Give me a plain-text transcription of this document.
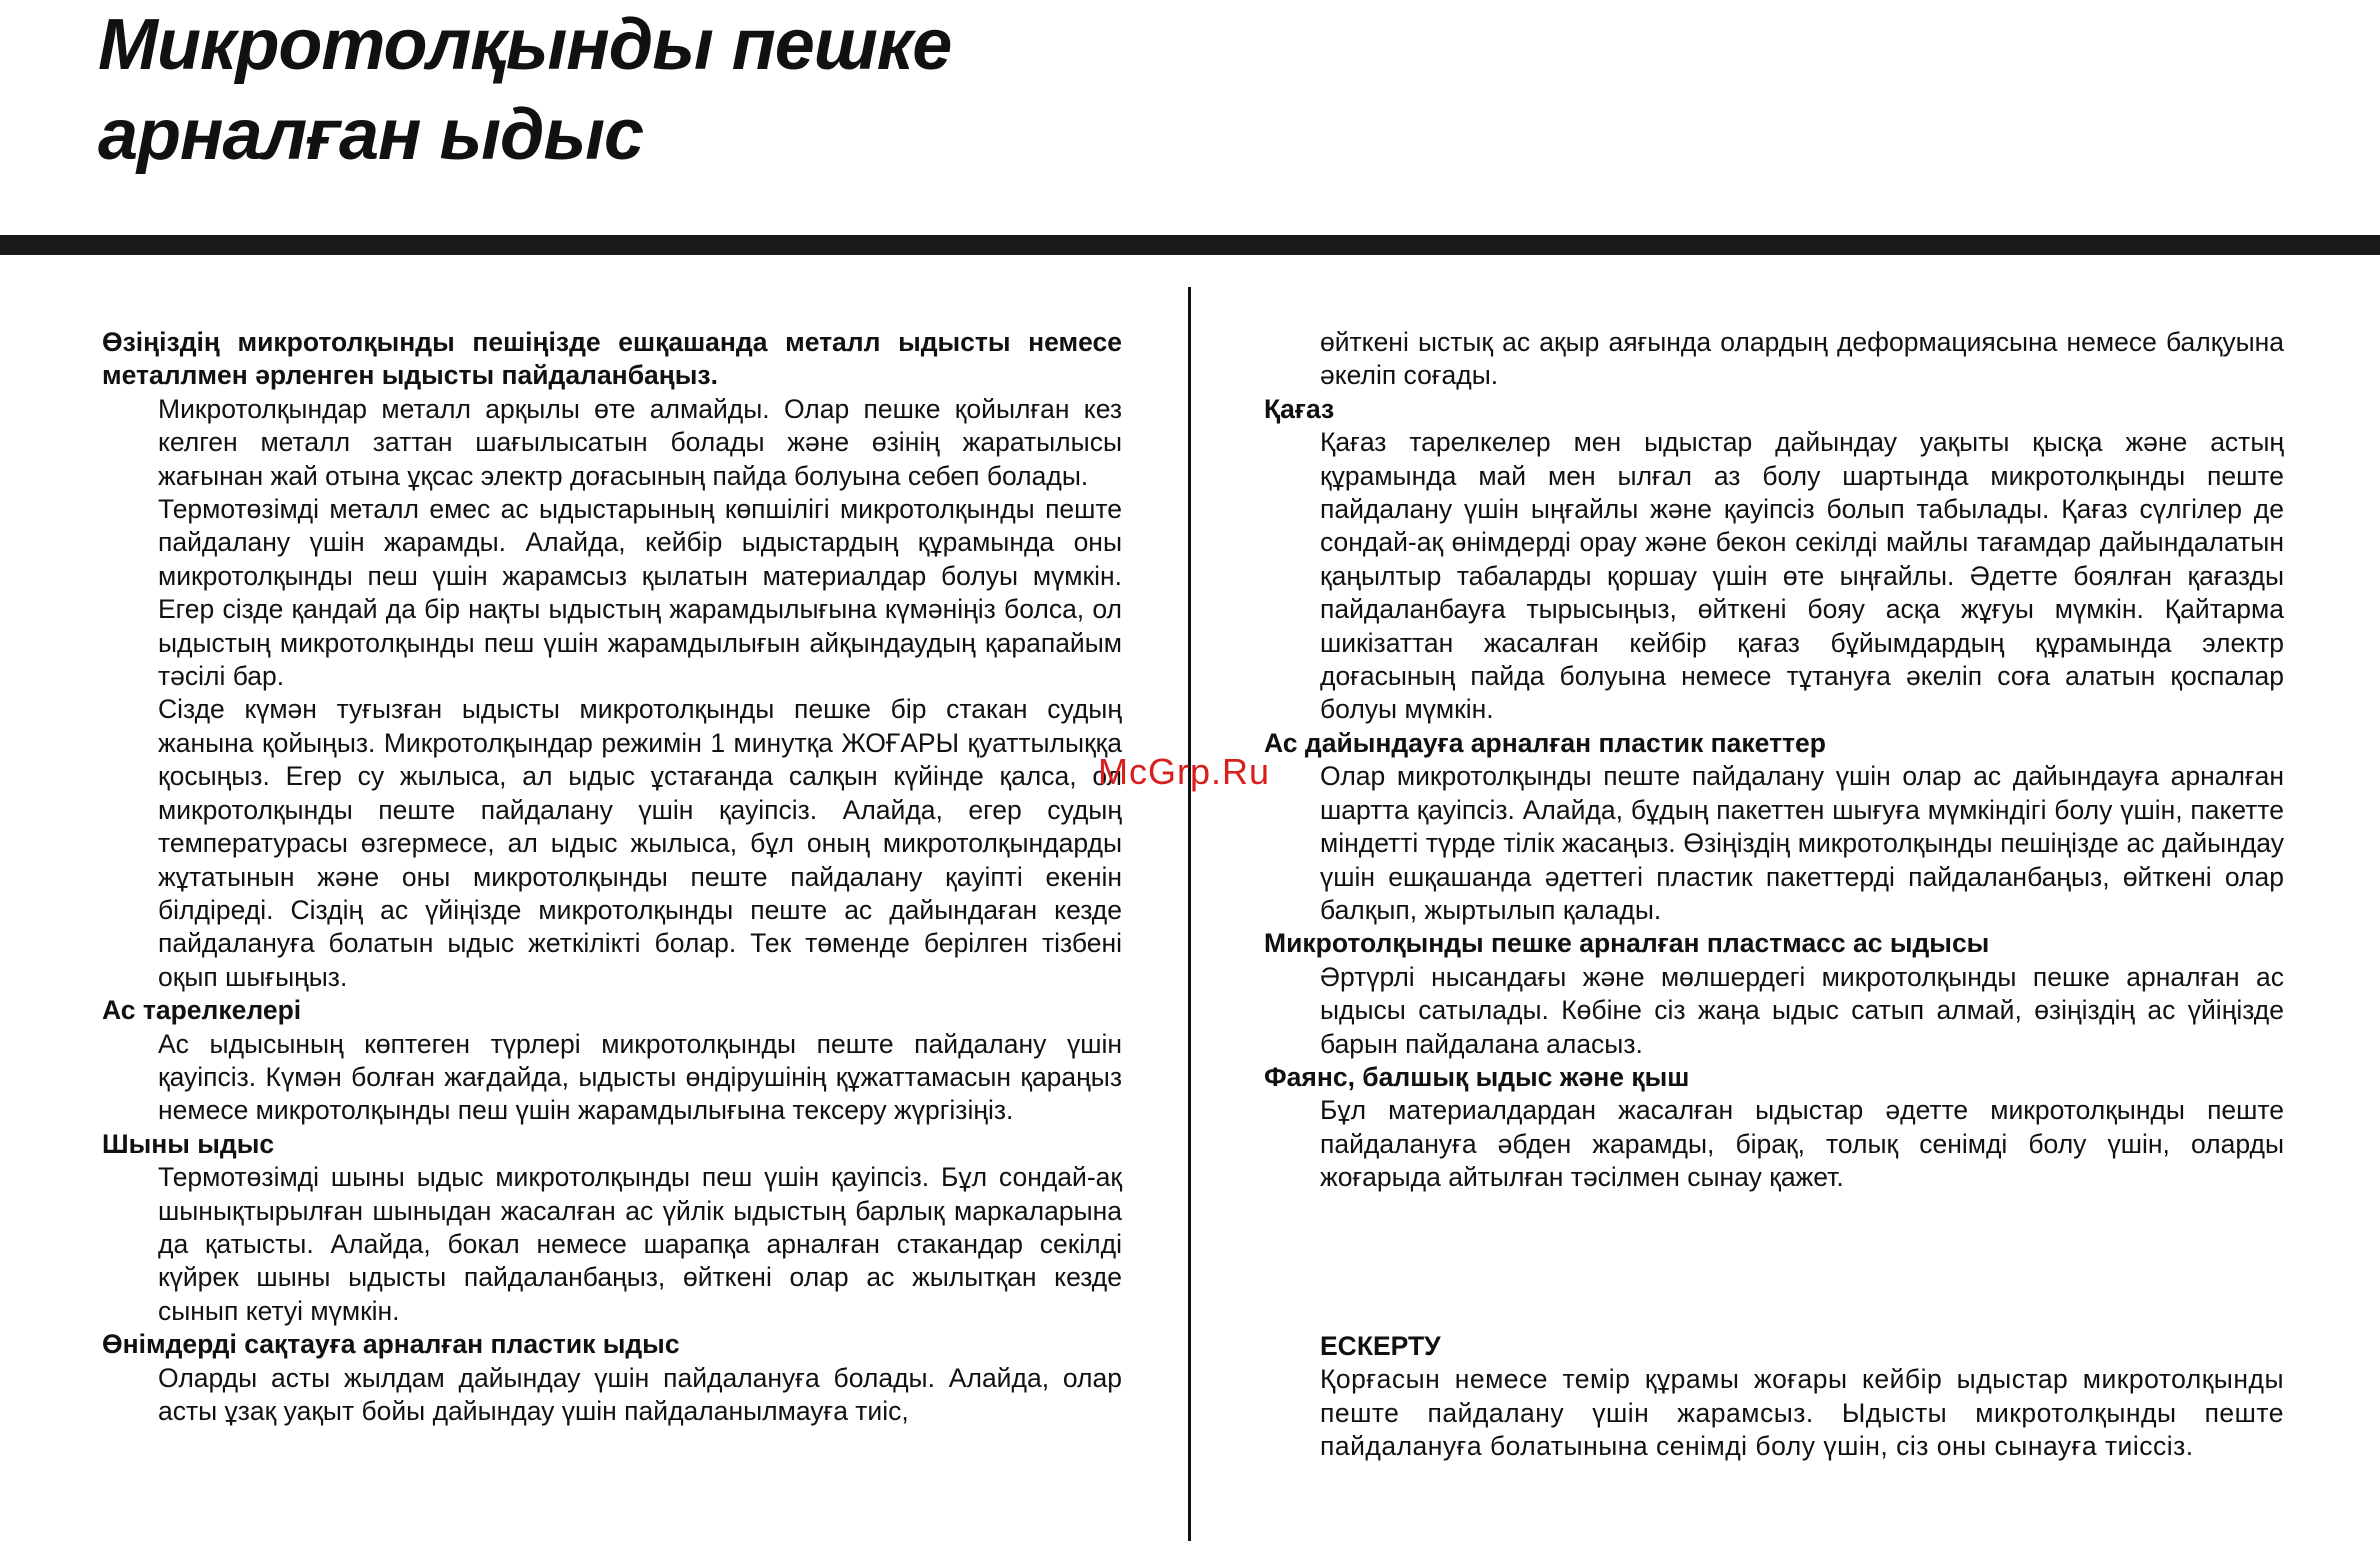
Микротолқынды пешке
арналған ыдыс
Өзіңіздің микротолқынды пешіңізде ешқашанда металл ыдысты немесе металлмен әрленген ыдысты пайдаланбаңыз.

Микротолқындар металл арқылы өте алмайды. Олар пешке қойылған кез келген металл заттан шағылысатын болады және өзінің жаратылысы жағынан жай отына ұқсас электр доғасының пайда болуына себеп болады.

Термотөзімді металл емес ас ыдыстарының көпшілігі микротолқынды пеште пайдалану үшін жарамды. Алайда, кейбір ыдыстардың құрамында оны микротолқынды пеш үшін жарамсыз қылатын материалдар болуы мүмкін. Егер сізде қандай да бір нақты ыдыстың жарамдылығына күмәніңіз болса, ол ыдыстың микротолқынды пеш үшін жарамдылығын айқындаудың қарапайым тәсілі бар.

Сізде күмән туғызған ыдысты микротолқынды пешке бір стакан судың жанына қойыңыз. Микротолқындар режимін 1 минутқа ЖОҒАРЫ қуаттылыққа қосыңыз. Егер су жылыса, ал ыдыс ұстағанда салқын күйінде қалса, ол микротолқынды пеште пайдалану үшін қауіпсіз. Алайда, егер судың температурасы өзгермесе, ал ыдыс жылыса, бұл оның микротолқындарды жұтатынын және оны микротолқынды пеште пайдалану қауіпті екенін білдіреді. Сіздің ас үйіңізде микротолқынды пеште ас дайындаған кезде пайдалануға болатын ыдыс жеткілікті болар. Тек төменде берілген тізбені оқып шығыңыз.

Ас тарелкелері

Ас ыдысының көптеген түрлері микротолқынды пеште пайдалану үшін қауіпсіз. Күмән болған жағдайда, ыдысты өндірушінің құжаттамасын қараңыз немесе микротолқынды пеш үшін жарамдылығына тексеру жүргізіңіз.

Шыны ыдыс

Термотөзімді шыны ыдыс микротолқынды пеш үшін қауіпсіз. Бұл сондай-ақ шынықтырылған шыныдан жасалған ас үйлік ыдыстың барлық маркаларына да қатысты. Алайда, бокал немесе шарапқа арналған стакандар секілді күйрек шыны ыдысты пайдаланбаңыз, өйткені олар ас жылытқан кезде сынып кетуі мүмкін.

Өнімдерді сақтауға арналған пластик ыдыс

Оларды асты жылдам дайындау үшін пайдалануға болады. Алайда, олар асты ұзақ уақыт бойы дайындау үшін пайдаланылмауға тиіс,

өйткені ыстық ас ақыр аяғында олардың деформациясына немесе балқуына әкеліп соғады.

Қағаз

Қағаз тарелкелер мен ыдыстар дайындау уақыты қысқа және астың құрамында май мен ылғал аз болу шартында микротолқынды пеште пайдалану үшін ыңғайлы және қауіпсіз болып табылады. Қағаз сүлгілер де сондай-ақ өнімдерді орау және бекон секілді майлы тағамдар дайындалатын қаңылтыр табаларды қоршау үшін өте ыңғайлы. Әдетте боялған қағазды пайдаланбауға тырысыңыз, өйткені бояу асқа жұғуы мүмкін. Қайтарма шикізаттан жасалған кейбір қағаз бұйымдардың құрамында электр доғасының пайда болуына немесе тұтануға әкеліп соға алатын қоспалар болуы мүмкін.

Ас дайындауға арналған пластик пакеттер

Олар микротолқынды пеште пайдалану үшін олар ас дайындауға арналған шартта қауіпсіз. Алайда, бұдың пакеттен шығуға мүмкіндігі болу үшін, пакетте міндетті түрде тілік жасаңыз. Өзіңіздің микротолқынды пешіңізде ас дайындау үшін ешқашанда әдеттегі пластик пакеттерді пайдаланбаңыз, өйткені олар балқып, жыртылып қалады.

Микротолқынды пешке арналған пластмасс ас ыдысы

Әртүрлі нысандағы және мөлшердегі микротолқынды пешке арналған ас ыдысы сатылады. Көбіне сіз жаңа ыдыс сатып алмай, өзіңіздің ас үйіңізде барын пайдалана аласыз.

Фаянс, балшық ыдыс және қыш

Бұл материалдардан жасалған ыдыстар әдетте микротолқынды пеште пайдалануға әбден жарамды, бірақ, толық сенімді болу үшін, оларды жоғарыда айтылған тәсілмен сынау қажет.

ЕСКЕРТУ

Қорғасын немесе темір құрамы жоғары кейбір ыдыстар микротолқынды пеште пайдалану үшін жарамсыз. Ыдысты микротолқынды пеште пайдалануға болатынына сенімді болу үшін, сіз оны сынауға тиіссіз.

McGrp.Ru
